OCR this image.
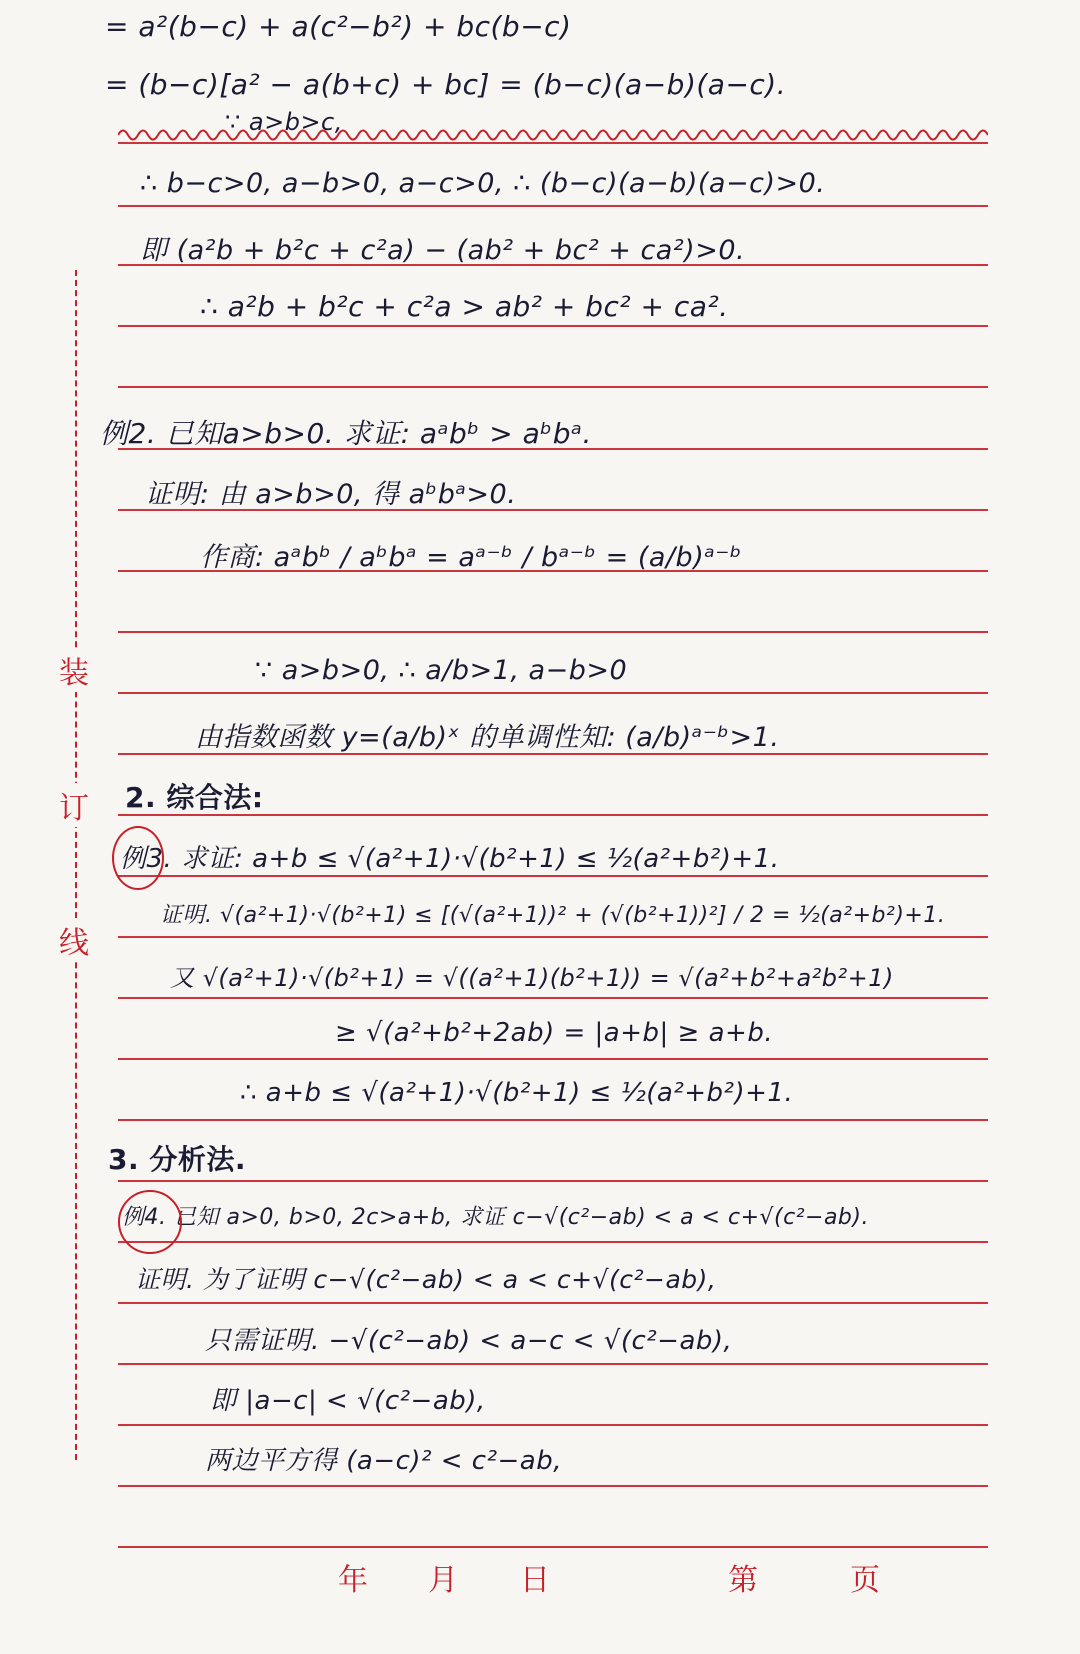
装
订
线
= a²(b−c) + a(c²−b²) + bc(b−c)
= (b−c)[a² − a(b+c) + bc] = (b−c)(a−b)(a−c).
∵ a>b>c,
∴ b−c>0, a−b>0, a−c>0, ∴ (b−c)(a−b)(a−c)>0.
即 (a²b + b²c + c²a) − (ab² + bc² + ca²)>0.
∴ a²b + b²c + c²a > ab² + bc² + ca².
例2. 已知a>b>0. 求证: aᵃbᵇ > aᵇbᵃ.
证明: 由 a>b>0, 得 aᵇbᵃ>0.
作商: aᵃbᵇ / aᵇbᵃ = aᵃ⁻ᵇ / bᵃ⁻ᵇ = (a/b)ᵃ⁻ᵇ
∵ a>b>0, ∴ a/b>1, a−b>0
由指数函数 y=(a/b)ˣ 的单调性知: (a/b)ᵃ⁻ᵇ>1.
2. 综合法:
例3. 求证: a+b ≤ √(a²+1)·√(b²+1) ≤ ½(a²+b²)+1.
证明. √(a²+1)·√(b²+1) ≤ [(√(a²+1))² + (√(b²+1))²] / 2 = ½(a²+b²)+1.
又 √(a²+1)·√(b²+1) = √((a²+1)(b²+1)) = √(a²+b²+a²b²+1)
≥ √(a²+b²+2ab) = |a+b| ≥ a+b.
∴ a+b ≤ √(a²+1)·√(b²+1) ≤ ½(a²+b²)+1.
3. 分析法.
例4. 已知 a>0, b>0, 2c>a+b, 求证 c−√(c²−ab) < a < c+√(c²−ab).
证明. 为了证明 c−√(c²−ab) < a < c+√(c²−ab),
只需证明. −√(c²−ab) < a−c < √(c²−ab),
即 |a−c| < √(c²−ab),
两边平方得 (a−c)² < c²−ab,
年 月 日	第	页
